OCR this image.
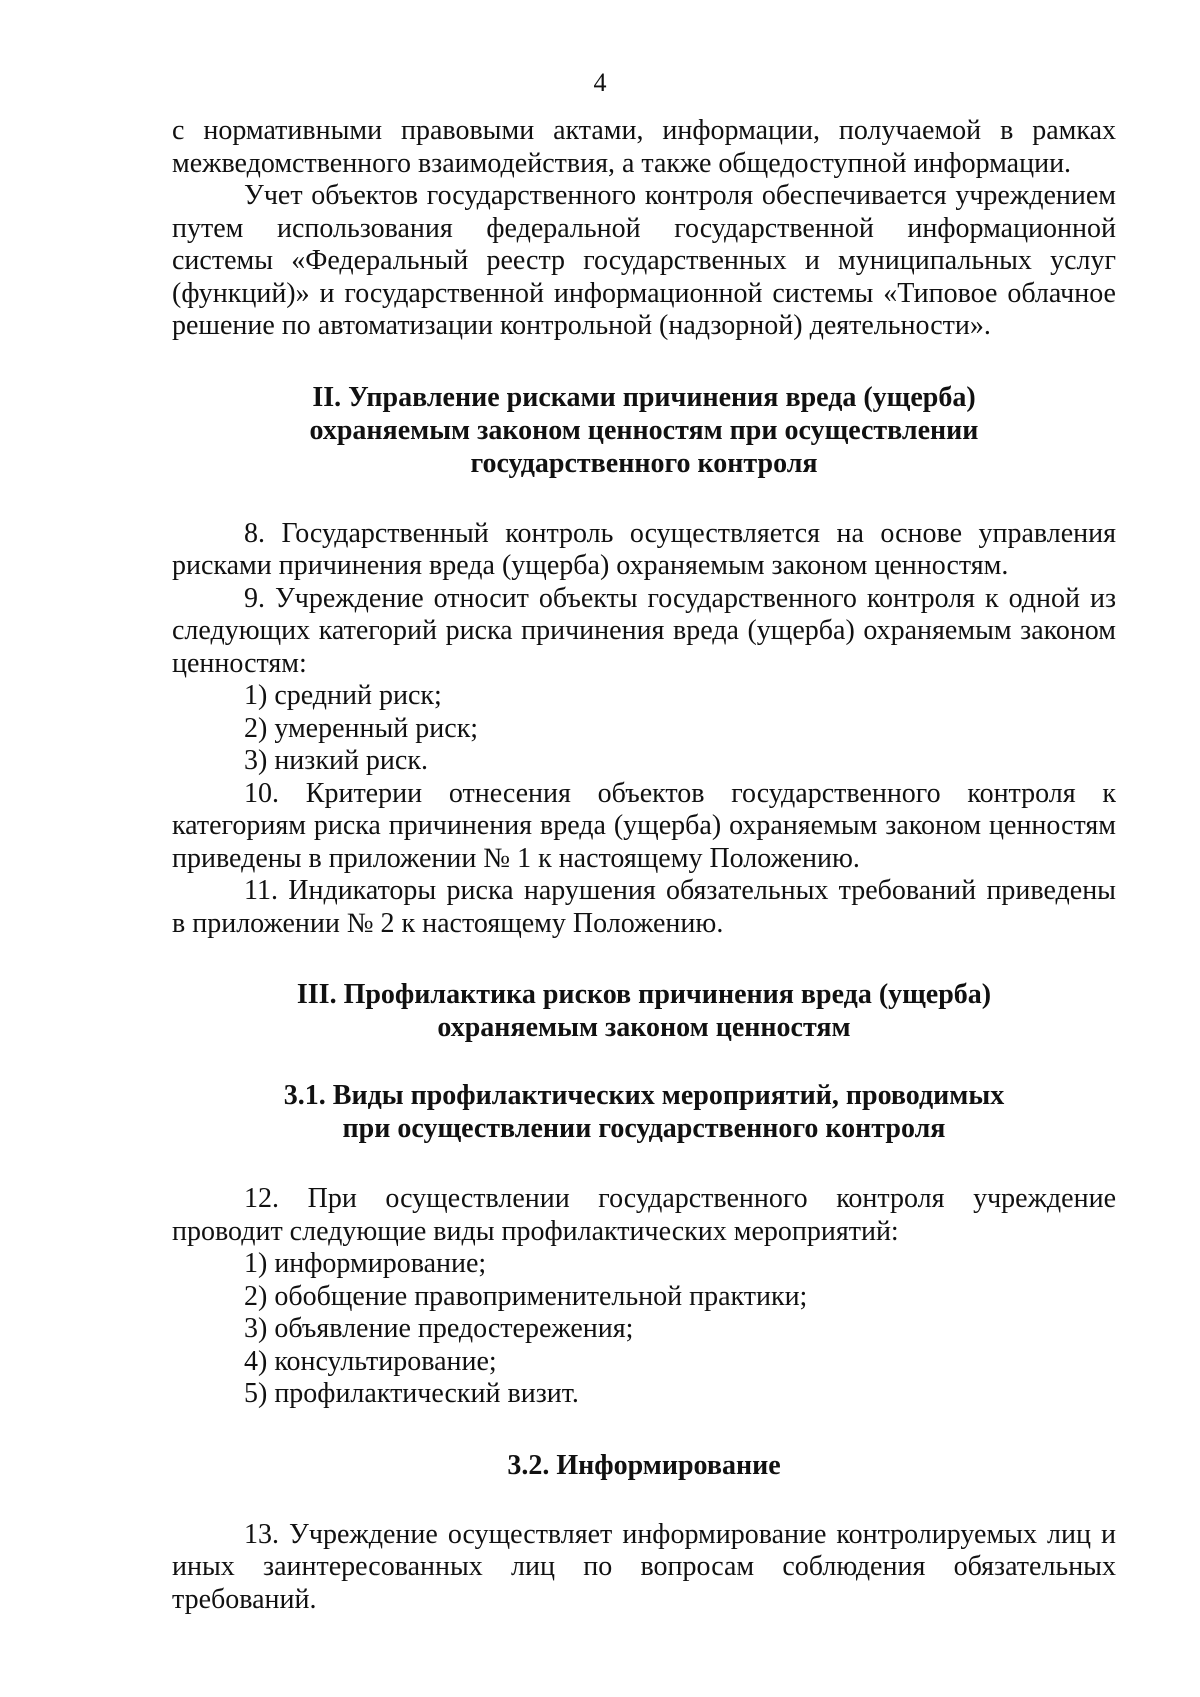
4

с нормативными правовыми актами, информации, получаемой в рамках межведомственного взаимодействия, а также общедоступной информации.

Учет объектов государственного контроля обеспечивается учреждением путем использования федеральной государственной информационной системы «Федеральный реестр государственных и муниципальных услуг (функций)» и государственной информационной системы «Типовое облачное решение по автоматизации контрольной (надзорной) деятельности».

II. Управление рисками причинения вреда (ущерба)
охраняемым законом ценностям при осуществлении
государственного контроля

8. Государственный контроль осуществляется на основе управления рисками причинения вреда (ущерба) охраняемым законом ценностям.

9. Учреждение относит объекты государственного контроля к одной из следующих категорий риска причинения вреда (ущерба) охраняемым законом ценностям:

1) средний риск;
2) умеренный риск;
3) низкий риск.

10. Критерии отнесения объектов государственного контроля к категориям риска причинения вреда (ущерба) охраняемым законом ценностям приведены в приложении № 1 к настоящему Положению.

11. Индикаторы риска нарушения обязательных требований приведены в приложении № 2 к настоящему Положению.

III. Профилактика рисков причинения вреда (ущерба)
охраняемым законом ценностям
3.1. Виды профилактических мероприятий, проводимых
при осуществлении государственного контроля

12. При осуществлении государственного контроля учреждение проводит следующие виды профилактических мероприятий:

1) информирование;
2) обобщение правоприменительной практики;
3) объявление предостережения;
4) консультирование;
5) профилактический визит.
3.2. Информирование

13. Учреждение осуществляет информирование контролируемых лиц и иных заинтересованных лиц по вопросам соблюдения обязательных требований.
